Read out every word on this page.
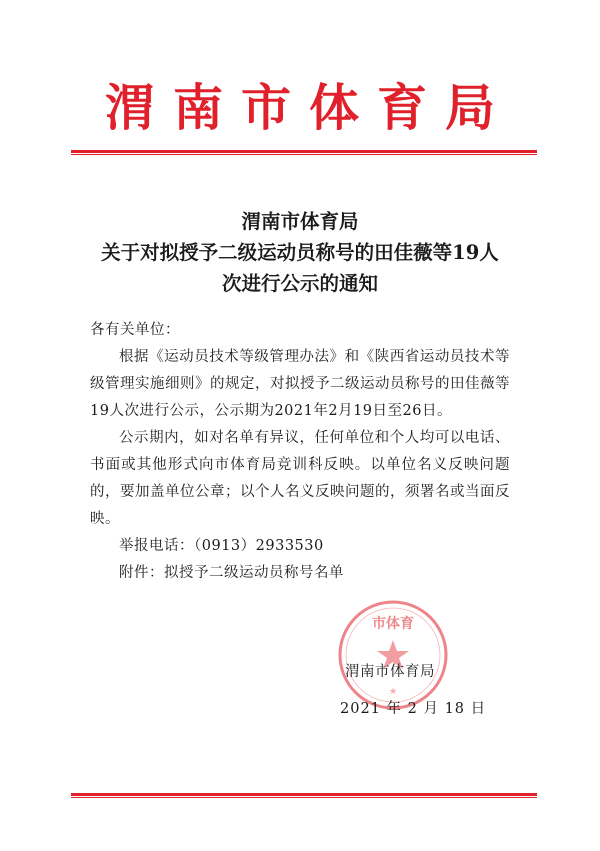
渭南市体育局
渭南市体育局
关于对拟授予二级运动员称号的田佳薇等19人
次进行公示的通知

各有关单位：

根据《运动员技术等级管理办法》和《陕西省运动员技术等级管理实施细则》的规定，对拟授予二级运动员称号的田佳薇等19人次进行公示，公示期为2021年2月19日至26日。

公示期内，如对名单有异议，任何单位和个人均可以电话、书面或其他形式向市体育局竞训科反映。以单位名义反映问题的，要加盖单位公章；以个人名义反映问题的，须署名或当面反映。

举报电话：（0913）2933530

附件：拟授予二级运动员称号名单

市体育
★
渭南市体育局
2021 年 2 月 18 日
